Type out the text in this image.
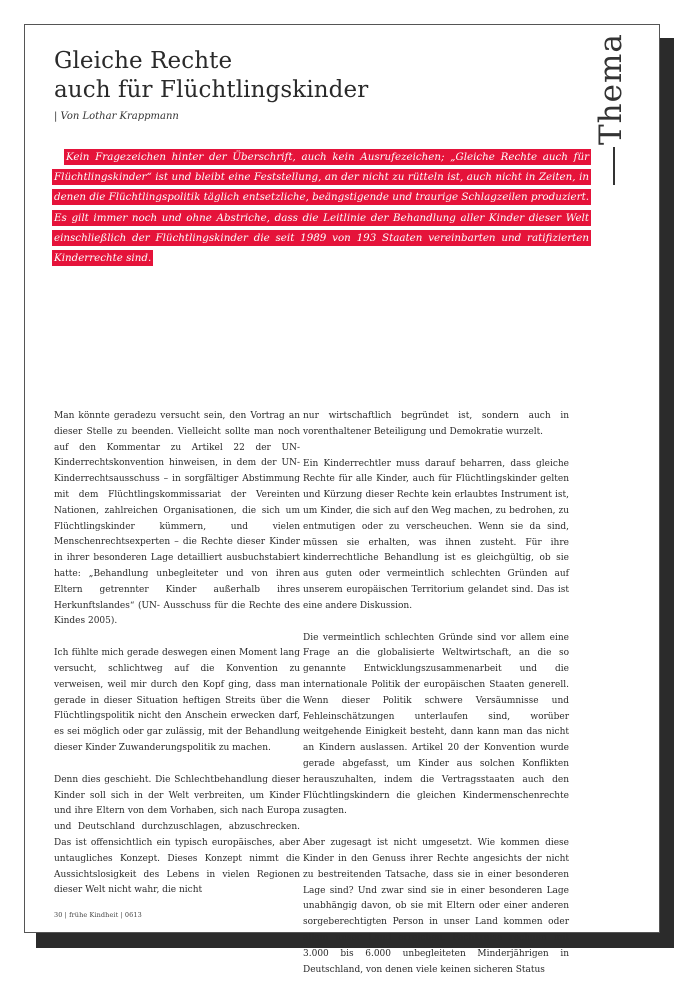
Gleiche Rechte
auch für Flüchtlingskinder
| Von Lothar Krappmann	Thema
Kein Fragezeichen hinter der Überschrift, auch kein Ausrufezeichen; „Gleiche Rechte auch für Flüchtlingskinder“ ist und bleibt eine Feststellung, an der nicht zu rütteln ist, auch nicht in Zeiten, in denen die Flüchtlingspolitik täglich entsetzliche, beängstigende und traurige Schlagzeilen produziert. Es gilt immer noch und ohne Abstriche, dass die Leitlinie der Behandlung aller Kinder dieser Welt einschließlich der Flüchtlingskinder die seit 1989 von 193 Staaten vereinbarten und ratifizierten Kinderrechte sind.

Man könnte geradezu versucht sein, den Vortrag an dieser Stelle zu beenden. Vielleicht sollte man noch auf den Kommentar zu Artikel 22 der UN-Kinderrechtskonvention hinweisen, in dem der UN-Kinderrechtsausschuss – in sorgfältiger Abstimmung mit dem Flüchtlingskommissariat der Vereinten Nationen, zahlreichen Organisationen, die sich um Flüchtlingskinder kümmern, und vielen Menschenrechtsexperten – die Rechte dieser Kinder in ihrer besonderen Lage detailliert ausbuchstabiert hatte: „Behandlung unbegleiteter und von ihren Eltern getrennter Kinder außerhalb ihres Herkunftslandes“ (UN- Ausschuss für die Rechte des Kindes 2005).

Ich fühlte mich gerade deswegen einen Moment lang versucht, schlichtweg auf die Konvention zu verweisen, weil mir durch den Kopf ging, dass man gerade in dieser Situation heftigen Streits über die Flüchtlingspolitik nicht den Anschein erwecken darf, es sei möglich oder gar zulässig, mit der Behandlung dieser Kinder Zuwanderungspolitik zu machen.

Denn dies geschieht. Die Schlechtbehandlung dieser Kinder soll sich in der Welt verbreiten, um Kinder und ihre Eltern von dem Vorhaben, sich nach Europa und Deutschland durchzuschlagen, abzuschrecken. Das ist offensichtlich ein typisch europäisches, aber untaugliches Konzept. Dieses Konzept nimmt die Aussichtslosigkeit des Lebens in vielen Regionen dieser Welt nicht wahr, die nicht

nur wirtschaftlich begründet ist, sondern auch in vorenthaltener Beteiligung und Demokratie wurzelt.

Ein Kinderrechtler muss darauf beharren, dass gleiche Rechte für alle Kinder, auch für Flüchtlingskinder gelten und Kürzung dieser Rechte kein erlaubtes Instrument ist, um Kinder, die sich auf den Weg machen, zu bedrohen, zu entmutigen oder zu verscheuchen. Wenn sie da sind, müssen sie erhalten, was ihnen zusteht. Für ihre kinderrechtliche Behandlung ist es gleichgültig, ob sie aus guten oder vermeintlich schlechten Gründen auf unserem europäischen Territorium gelandet sind. Das ist eine andere Diskussion.

Die vermeintlich schlechten Gründe sind vor allem eine Frage an die globalisierte Weltwirtschaft, an die so genannte Entwicklungszusammenarbeit und die internationale Politik der europäischen Staaten generell. Wenn dieser Politik schwere Versäumnisse und Fehleinschätzungen unterlaufen sind, worüber weitgehende Einigkeit besteht, dann kann man das nicht an Kindern auslassen. Artikel 20 der Konvention wurde gerade abgefasst, um Kinder aus solchen Konflikten herauszuhalten, indem die Vertragsstaaten auch den Flüchtlingskindern die gleichen Kindermenschenrechte zusagten.

Aber zugesagt ist nicht umgesetzt. Wie kommen diese Kinder in den Genuss ihrer Rechte angesichts der nicht zu bestreitenden Tatsache, dass sie in einer besonderen Lage sind? Und zwar sind sie in einer besonderen Lage unabhängig davon, ob sie mit Eltern oder einer anderen sorgeberechtigten Person in unser Land kommen oder allein unser Land erreichen. Fachkreise rechnen mit 3.000 bis 6.000 unbegleiteten Minderjährigen in Deutschland, von denen viele keinen sicheren Status

30 | frühe Kindheit | 0613
